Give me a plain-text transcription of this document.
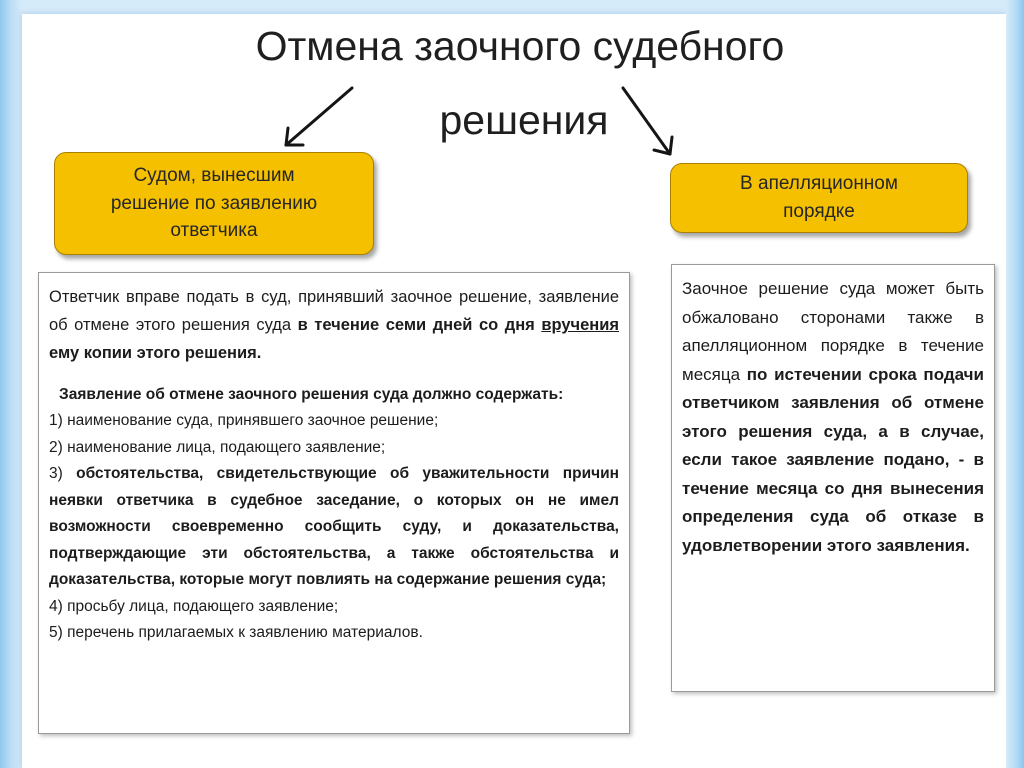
Отмена заочного судебного
решения
Судом, вынесшим
решение по заявлению
ответчика
В апелляционном
порядке

Ответчик вправе подать в суд, принявший заочное решение, заявление об отмене этого решения суда в течение семи дней со дня вручения ему копии этого решения.

Заявление об отмене заочного решения суда должно содержать:

1) наименование суда, принявшего заочное решение;
2) наименование лица, подающего заявление;
3) обстоятельства, свидетельствующие об уважительности причин неявки ответчика в судебное заседание, о которых он не имел возможности своевременно сообщить суду, и доказательства, подтверждающие эти обстоятельства, а также обстоятельства и доказательства, которые могут повлиять на содержание решения суда;
4) просьбу лица, подающего заявление;
5) перечень прилагаемых к заявлению материалов.

Заочное решение суда может быть обжаловано сторонами также в апелляционном порядке в течение месяца по истечении срока подачи ответчиком заявления об отмене этого решения суда, а в случае, если такое заявление подано, - в течение месяца со дня вынесения определения суда об отказе в удовлетворении этого заявления.
